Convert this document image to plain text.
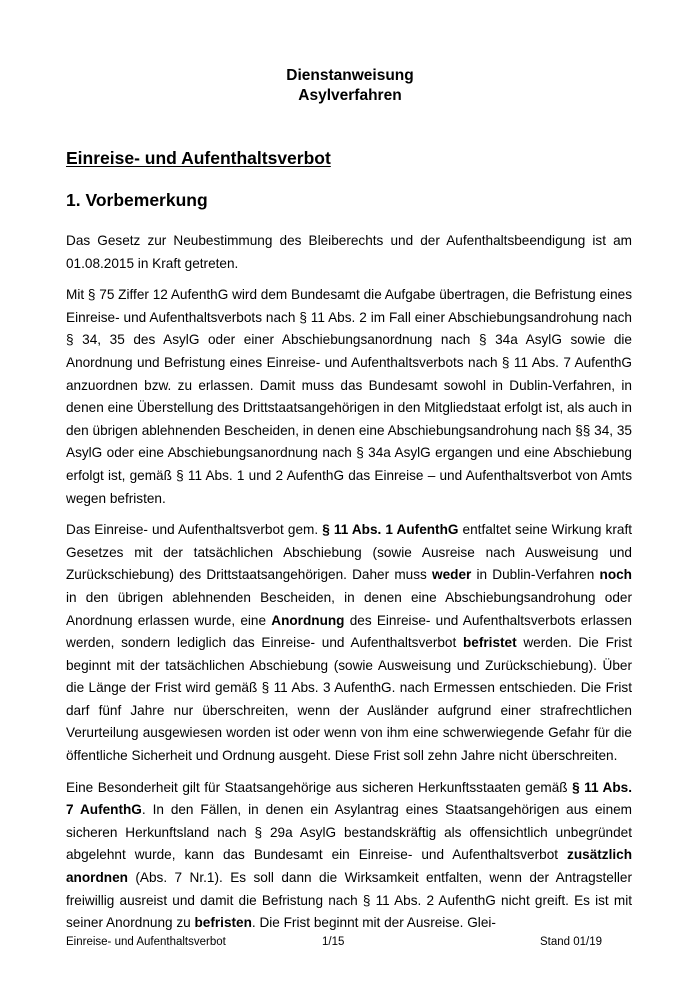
Dienstanweisung
Asylverfahren
Einreise- und Aufenthaltsverbot
1. Vorbemerkung

Das Gesetz zur Neubestimmung des Bleiberechts und der Aufenthaltsbeendigung ist am 01.08.2015 in Kraft getreten.

Mit § 75 Ziffer 12 AufenthG wird dem Bundesamt die Aufgabe übertragen, die Befristung eines Einreise- und Aufenthaltsverbots nach § 11 Abs. 2 im Fall einer Abschiebungsandrohung nach § 34, 35 des AsylG oder einer Abschiebungsanordnung nach § 34a AsylG sowie die Anordnung und Befristung eines Einreise- und Aufenthaltsverbots nach § 11 Abs. 7 AufenthG anzuordnen bzw. zu erlassen. Damit muss das Bundesamt sowohl in Dublin-Verfahren, in denen eine Überstellung des Drittstaatsangehörigen in den Mitgliedstaat erfolgt ist, als auch in den übrigen ablehnenden Bescheiden, in denen eine Abschiebungsandrohung nach §§ 34, 35 AsylG oder eine Abschiebungsanordnung nach § 34a AsylG ergangen und eine Abschiebung erfolgt ist, gemäß § 11 Abs. 1 und 2 AufenthG das Einreise – und Aufenthaltsverbot von Amts wegen befristen.

Das Einreise- und Aufenthaltsverbot gem. § 11 Abs. 1 AufenthG entfaltet seine Wirkung kraft Gesetzes mit der tatsächlichen Abschiebung (sowie Ausreise nach Ausweisung und Zurückschiebung) des Drittstaatsangehörigen. Daher muss weder in Dublin-Verfahren noch in den übrigen ablehnenden Bescheiden, in denen eine Abschiebungsandrohung oder Anordnung erlassen wurde, eine Anordnung des Einreise- und Aufenthaltsverbots erlassen werden, sondern lediglich das Einreise- und Aufenthaltsverbot befristet werden. Die Frist beginnt mit der tatsächlichen Abschiebung (sowie Ausweisung und Zurückschiebung). Über die Länge der Frist wird gemäß § 11 Abs. 3 AufenthG. nach Ermessen entschieden. Die Frist darf fünf Jahre nur überschreiten, wenn der Ausländer aufgrund einer strafrechtlichen Verurteilung ausgewiesen worden ist oder wenn von ihm eine schwerwiegende Gefahr für die öffentliche Sicherheit und Ordnung ausgeht. Diese Frist soll zehn Jahre nicht überschreiten.

Eine Besonderheit gilt für Staatsangehörige aus sicheren Herkunftsstaaten gemäß § 11 Abs. 7 AufenthG. In den Fällen, in denen ein Asylantrag eines Staatsangehörigen aus einem sicheren Herkunftsland nach § 29a AsylG bestandskräftig als offensichtlich unbegründet abgelehnt wurde, kann das Bundesamt ein Einreise- und Aufenthaltsverbot zusätzlich anordnen (Abs. 7 Nr.1). Es soll dann die Wirksamkeit entfalten, wenn der Antragsteller freiwillig ausreist und damit die Befristung nach § 11 Abs. 2 AufenthG nicht greift. Es ist mit seiner Anordnung zu befristen. Die Frist beginnt mit der Ausreise. Glei-

Einreise- und Aufenthaltsverbot	1/15	Stand 01/19
